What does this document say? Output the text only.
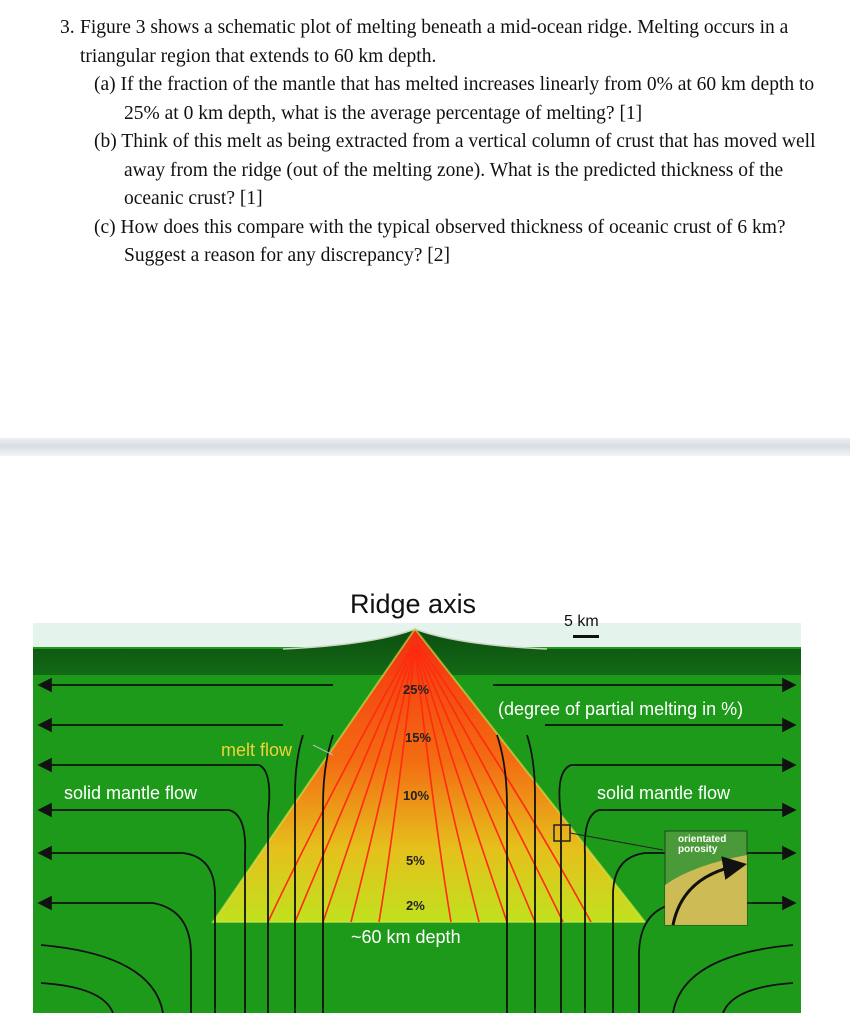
3. Figure 3 shows a schematic plot of melting beneath a mid-ocean ridge. Melting occurs in a triangular region that extends to 60 km depth.
(a) If the fraction of the mantle that has melted increases linearly from 0% at 60 km depth to 25% at 0 km depth, what is the average percentage of melting? [1]
(b) Think of this melt as being extracted from a vertical column of crust that has moved well away from the ridge (out of the melting zone). What is the predicted thickness of the oceanic crust? [1]
(c) How does this compare with the typical observed thickness of oceanic crust of 6 km? Suggest a reason for any discrepancy? [2]
Ridge axis
5 km
25%
15%
10%
5%
2%
(degree of partial melting in %)
melt flow
solid mantle flow	solid mantle flow
~60 km depth
orientated porosity
